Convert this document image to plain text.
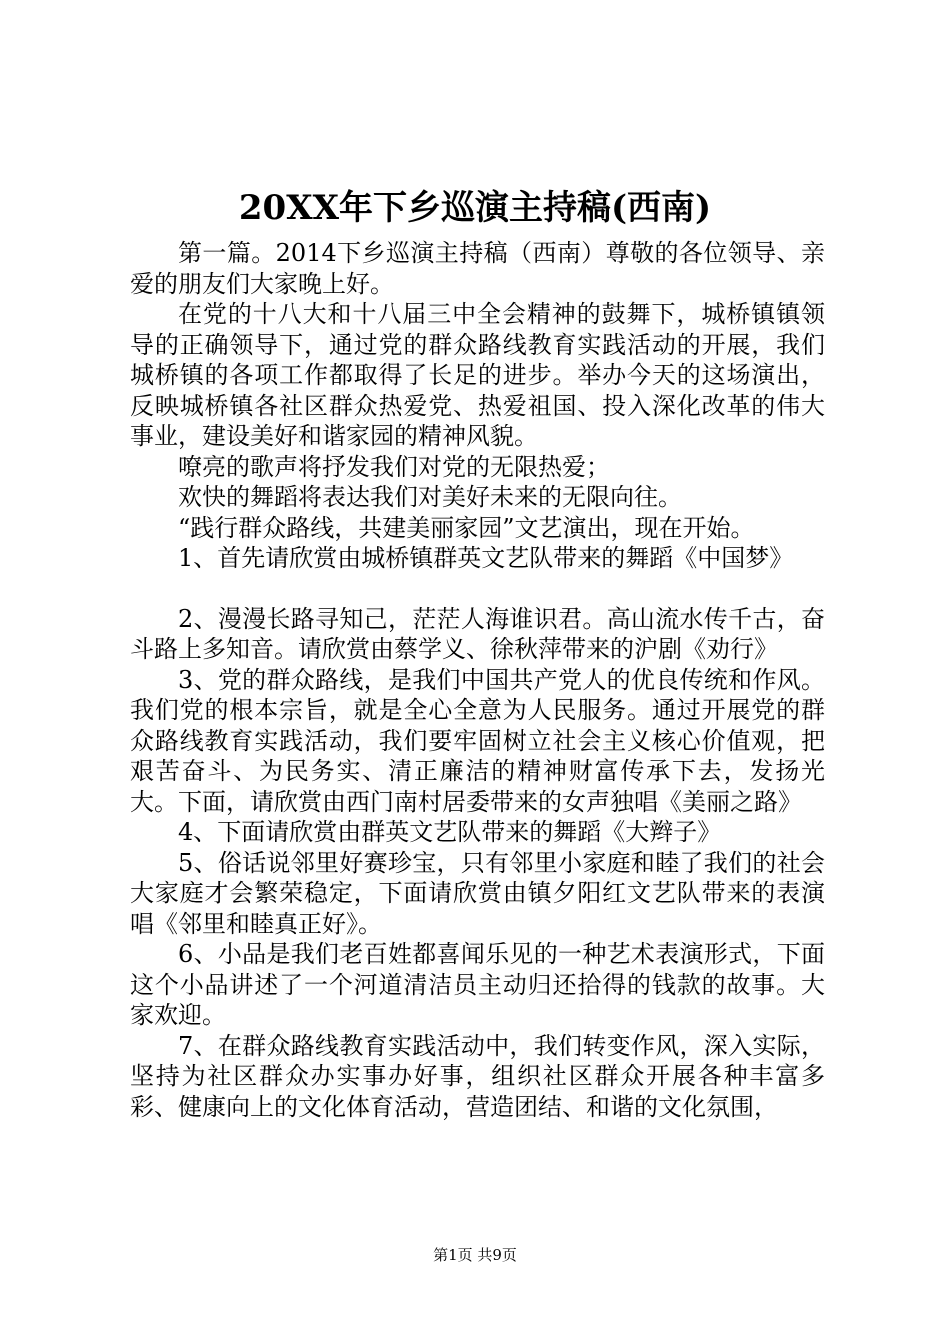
20XX年下乡巡演主持稿(西南)

第一篇。2014下乡巡演主持稿（西南）尊敬的各位领导、亲爱的朋友们大家晚上好。

在党的十八大和十八届三中全会精神的鼓舞下，城桥镇镇领导的正确领导下，通过党的群众路线教育实践活动的开展，我们城桥镇的各项工作都取得了长足的进步。举办今天的这场演出，反映城桥镇各社区群众热爱党、热爱祖国、投入深化改革的伟大事业，建设美好和谐家园的精神风貌。

嘹亮的歌声将抒发我们对党的无限热爱；

欢快的舞蹈将表达我们对美好未来的无限向往。

“践行群众路线，共建美丽家园”文艺演出，现在开始。

1、首先请欣赏由城桥镇群英文艺队带来的舞蹈《中国梦》

2、漫漫长路寻知己，茫茫人海谁识君。高山流水传千古，奋斗路上多知音。请欣赏由蔡学义、徐秋萍带来的沪剧《劝行》

3、党的群众路线，是我们中国共产党人的优良传统和作风。我们党的根本宗旨，就是全心全意为人民服务。通过开展党的群众路线教育实践活动，我们要牢固树立社会主义核心价值观，把艰苦奋斗、为民务实、清正廉洁的精神财富传承下去，发扬光大。下面，请欣赏由西门南村居委带来的女声独唱《美丽之路》

4、下面请欣赏由群英文艺队带来的舞蹈《大辫子》

5、俗话说邻里好赛珍宝，只有邻里小家庭和睦了我们的社会大家庭才会繁荣稳定，下面请欣赏由镇夕阳红文艺队带来的表演唱《邻里和睦真正好》。

6、小品是我们老百姓都喜闻乐见的一种艺术表演形式，下面这个小品讲述了一个河道清洁员主动归还拾得的钱款的故事。大家欢迎。

7、在群众路线教育实践活动中，我们转变作风，深入实际，坚持为社区群众办实事办好事，组织社区群众开展各种丰富多彩、健康向上的文化体育活动，营造团结、和谐的文化氛围，

第1页 共9页
